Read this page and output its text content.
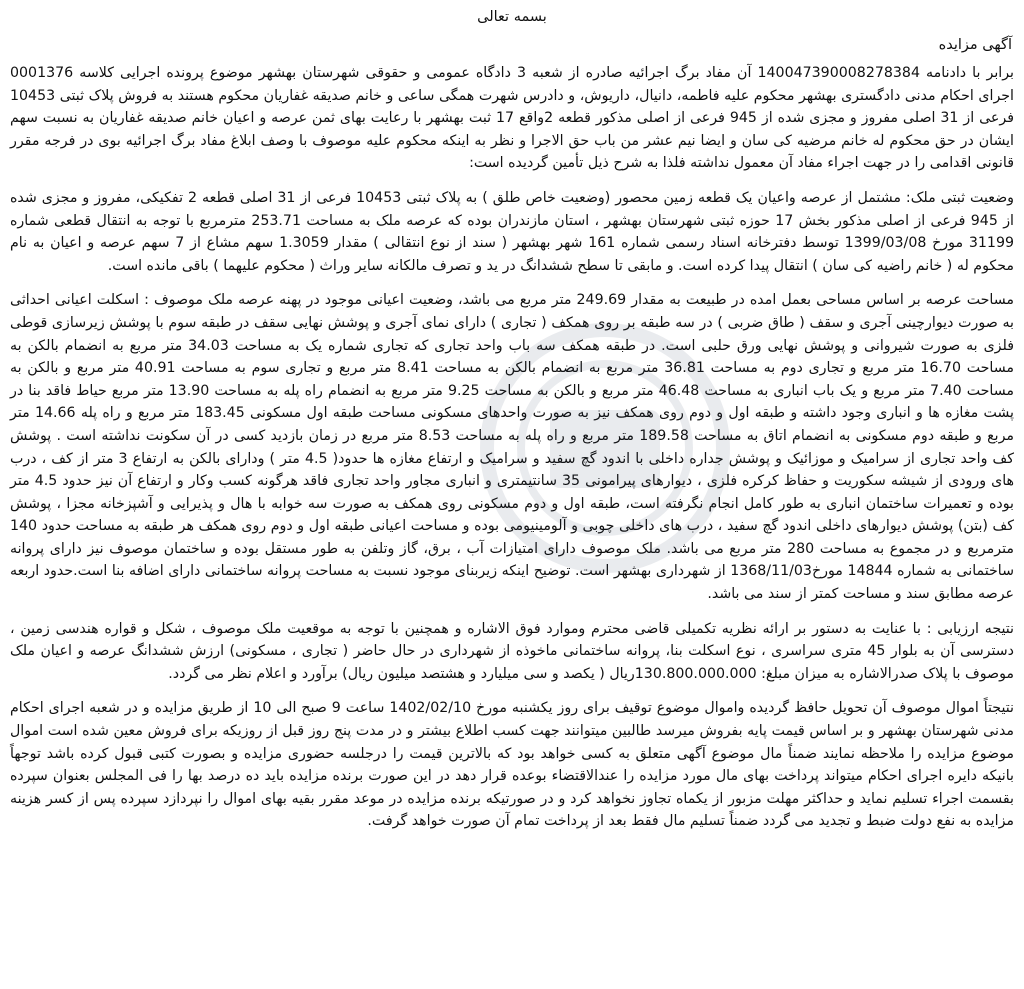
بسمه تعالی
آگهی مزایده

برابر با دادنامه 140047390008278384 آن مفاد برگ اجرائیه صادره از شعبه 3 دادگاه عمومی و حقوقی شهرستان بهشهر موضوع پرونده اجرایی کلاسه 0001376 اجرای احکام مدنی دادگستری بهشهر محکوم علیه فاطمه، دانیال، داریوش، و دادرس شهرت همگی ساعی و خانم صدیقه غفاریان محکوم هستند به فروش پلاک ثبتی 10453 فرعی از 31 اصلی مفروز و مجزی شده از 945 فرعی از اصلی مذکور قطعه 2واقع 17 ثبت بهشهر با رعایت بهای ثمن عرصه و اعیان خانم صدیقه غفاریان به نسبت سهم ایشان در حق محکوم له خانم مرضیه کی سان و ایضا نیم عشر من باب حق الاجرا و نظر به اینکه محکوم علیه موصوف با وصف ابلاغ مفاد برگ اجرائیه بوی در فرجه مقرر قانونی اقدامی را در جهت اجراء مفاد آن معمول نداشته فلذا به شرح ذیل تأمین گردیده است:

وضعیت ثبتی ملک: مشتمل از عرصه واعیان یک قطعه زمین محصور (وضعیت خاص طلق ) به پلاک ثبتی 10453 فرعی از 31 اصلی قطعه 2 تفکیکی، مفروز و مجزی شده از 945 فرعی از اصلی مذکور بخش 17 حوزه ثبتی شهرستان بهشهر ، استان مازندران بوده که عرصه ملک به مساحت 253.71 مترمربع با توجه به انتقال قطعی شماره 31199 مورخ 1399/03/08 توسط دفترخانه اسناد رسمی شماره 161 شهر بهشهر ( سند از نوع انتقالی ) مقدار 1.3059 سهم مشاع از 7 سهم عرصه و اعیان به نام محکوم له ( خانم راضیه کی سان ) انتقال پیدا کرده است. و مابقی تا سطح ششدانگ در ید و تصرف مالکانه سایر وراث ( محکوم علیهما ) باقی مانده است.

مساحت عرصه بر اساس مساحی بعمل امده در طبیعت به مقدار 249.69 متر مربع می باشد، وضعیت اعیانی موجود در پهنه عرصه ملک موصوف : اسکلت اعیانی احداثی به صورت دیوارچینی آجری و سقف ( طاق ضربی ) در سه طبقه بر روی همکف ( تجاری ) دارای نمای آجری و پوشش نهایی سقف در طبقه سوم با پوشش زیرسازی قوطی فلزی به صورت شیروانی و پوشش نهایی ورق حلبی است. در طبقه همکف سه باب واحد تجاری که تجاری شماره یک به مساحت 34.03 متر مربع به انضمام بالکن به مساحت 16.70 متر مربع و تجاری دوم به مساحت 36.81 متر مربع به انضمام بالکن به مساحت 8.41 متر مربع و تجاری سوم به مساحت 40.91 متر مربع و بالکن به مساحت 7.40 متر مربع و یک باب انباری به مساحت 46.48 متر مربع و بالکن به مساحت 9.25 متر مربع به انضمام راه پله به مساحت 13.90 متر مربع حیاط فاقد بنا در پشت مغازه ها و انباری وجود داشته و طبقه اول و دوم روی همکف نیز به صورت واحدهای مسکونی مساحت طبقه اول مسکونی 183.45 متر مربع و راه پله 14.66 متر مربع و طبقه دوم مسکونی به انضمام اتاق به مساحت 189.58 متر مربع و راه پله به مساحت 8.53 متر مربع در زمان بازدید کسی در آن سکونت نداشته است . پوشش کف واحد تجاری از سرامیک و موزائیک و پوشش جداره داخلی با اندود گچ سفید و سرامیک و ارتفاع مغازه ها حدود( 4.5 متر ) ودارای بالکن به ارتفاع 3 متر از کف ، درب های ورودی از شیشه سکوریت و حفاظ کرکره فلزی ، دیوارهای پیرامونی 35 سانتیمتری و انباری مجاور واحد تجاری فاقد هرگونه کسب وکار و ارتفاع آن نیز حدود 4.5 متر بوده و تعمیرات ساختمان انباری به طور کامل انجام نگرفته است، طبقه اول و دوم مسکونی روی همکف به صورت سه خوابه با هال و پذیرایی و آشپزخانه مجزا ، پوشش کف (بتن) پوشش دیوارهای داخلی اندود گچ سفید ، درب های داخلی چوبی و آلومینیومی بوده و مساحت اعیانی طبقه اول و دوم روی همکف هر طبقه به مساحت حدود 140 مترمربع و در مجموع به مساحت 280 متر مربع می باشد. ملک موصوف دارای امتیازات آب ، برق، گاز وتلفن به طور مستقل بوده و ساختمان موصوف نیز دارای پروانه ساختمانی به شماره 14844 مورخ1368/11/03 از شهرداری بهشهر است. توضیح اینکه زیربنای موجود نسبت به مساحت پروانه ساختمانی دارای اضافه بنا است.حدود اربعه عرصه مطابق سند و مساحت کمتر از سند می باشد.

نتیجه ارزیابی : با عنایت به دستور بر ارائه نظریه تکمیلی قاضی محترم وموارد فوق الاشاره و همچنین با توجه به موقعیت ملک موصوف ، شکل و قواره هندسی زمین ، دسترسی آن به بلوار 45 متری سراسری ، نوع اسکلت بنا، پروانه ساختمانی ماخوذه از شهرداری در حال حاضر ( تجاری ، مسکونی) ارزش ششدانگ عرصه و اعیان ملک موصوف با پلاک صدرالاشاره به میزان مبلغ: 130.800.000.000ریال ( یکصد و سی میلیارد و هشتصد میلیون ریال) برآورد و اعلام نظر می گردد.

نتیجتاً اموال موصوف آن تحویل حافظ گردیده واموال موضوع توقیف برای روز یکشنبه مورخ 1402/02/10 ساعت 9 صبح الی 10 از طریق مزایده و در شعبه اجرای احکام مدنی شهرستان بهشهر و بر اساس قیمت پایه بفروش میرسد طالبین میتوانند جهت کسب اطلاع بیشتر و در مدت پنج روز قبل از روزیکه برای فروش معین شده است اموال موضوع مزایده را ملاحظه نمایند ضمناً مال موضوع آگهی متعلق به کسی خواهد بود که بالاترین قیمت را درجلسه حضوری مزایده و بصورت کتبی قبول کرده باشد توجهاً بانیکه دایره اجرای احکام میتواند پرداخت بهای مال مورد مزایده را عندالاقتضاء بوعده قرار دهد در این صورت برنده مزایده باید ده درصد بها را فی المجلس بعنوان سپرده بقسمت اجراء تسلیم نماید و حداکثر مهلت مزبور از یکماه تجاوز نخواهد کرد و در صورتیکه برنده مزایده در موعد مقرر بقیه بهای اموال را نپردازد سپرده پس از کسر هزینه مزایده به نفع دولت ضبط و تجدید می گردد ضمناً تسلیم مال فقط بعد از پرداخت تمام آن صورت خواهد گرفت.
